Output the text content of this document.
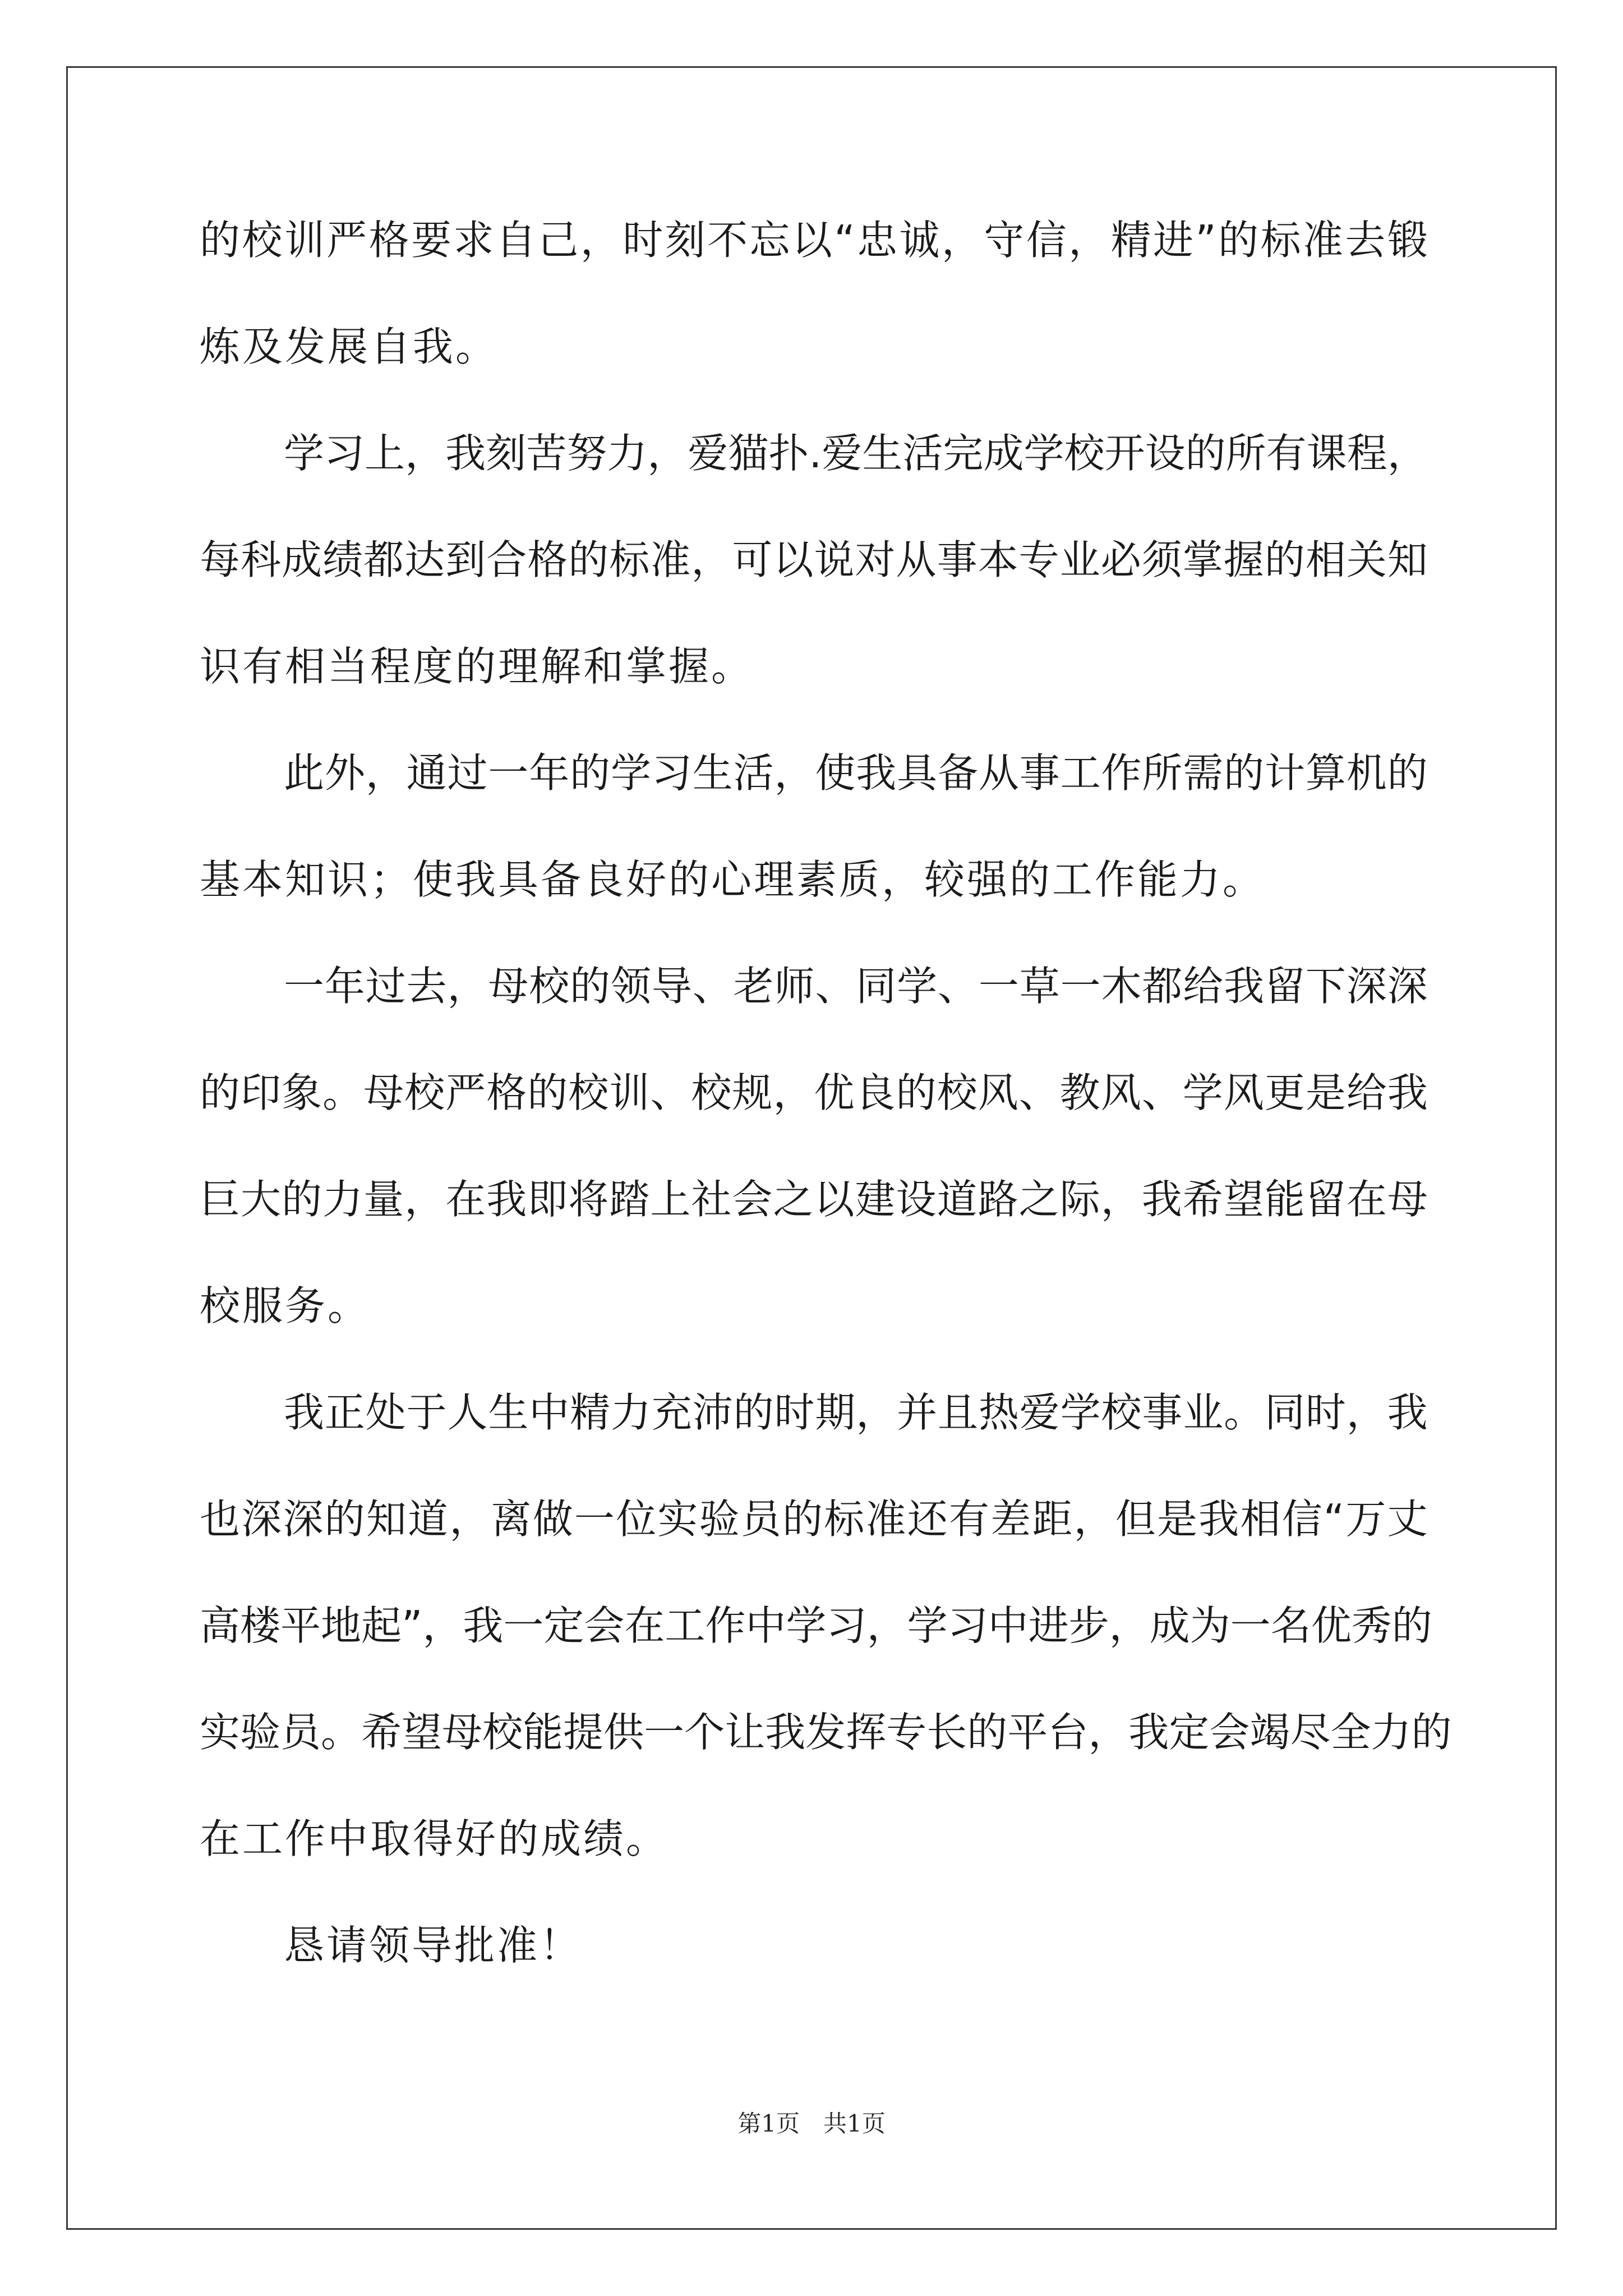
的 校 训 严 格 要 求 自 己 ， 时 刻 不 忘 以 “ 忠 诚 ， 守 信 ， 精 进 ” 的 标 准 去 锻
炼及发展自我。
学 习 上 ， 我 刻 苦 努 力 ， 爱 猫 扑 . 爱 生 活 完 成 学 校 开 设 的 所 有 课 程 ，
每 科 成 绩 都 达 到 合 格 的 标 准 ， 可 以 说 对 从 事 本 专 业 必 须 掌 握 的 相 关 知
识有相当程度的理解和掌握。
此 外 ， 通 过 一 年 的 学 习 生 活 ， 使 我 具 备 从 事 工 作 所 需 的 计 算 机 的
基本知识；使我具备良好的心理素质，较强的工作能力。
一 年 过 去 ， 母 校 的 领 导 、 老 师 、 同 学 、 一 草 一 木 都 给 我 留 下 深 深
的 印 象 。 母 校 严 格 的 校 训 、 校 规 ， 优 良 的 校 风 、 教 风 、 学 风 更 是 给 我
巨 大 的 力 量 ， 在 我 即 将 踏 上 社 会 之 以 建 设 道 路 之 际 ， 我 希 望 能 留 在 母
校服务。
我 正 处 于 人 生 中 精 力 充 沛 的 时 期 ， 并 且 热 爱 学 校 事 业 。 同 时 ， 我
也 深 深 的 知 道 ， 离 做 一 位 实 验 员 的 标 准 还 有 差 距 ， 但 是 我 相 信 “ 万 丈
高 楼 平 地 起 ” ， 我 一 定 会 在 工 作 中 学 习 ， 学 习 中 进 步 ， 成 为 一 名 优 秀 的
实 验 员 。 希 望 母 校 能 提 供 一 个 让 我 发 挥 专 长 的 平 台 ， 我 定 会 竭 尽 全 力 的
在工作中取得好的成绩。
恳请领导批准！
第1页　共1页
